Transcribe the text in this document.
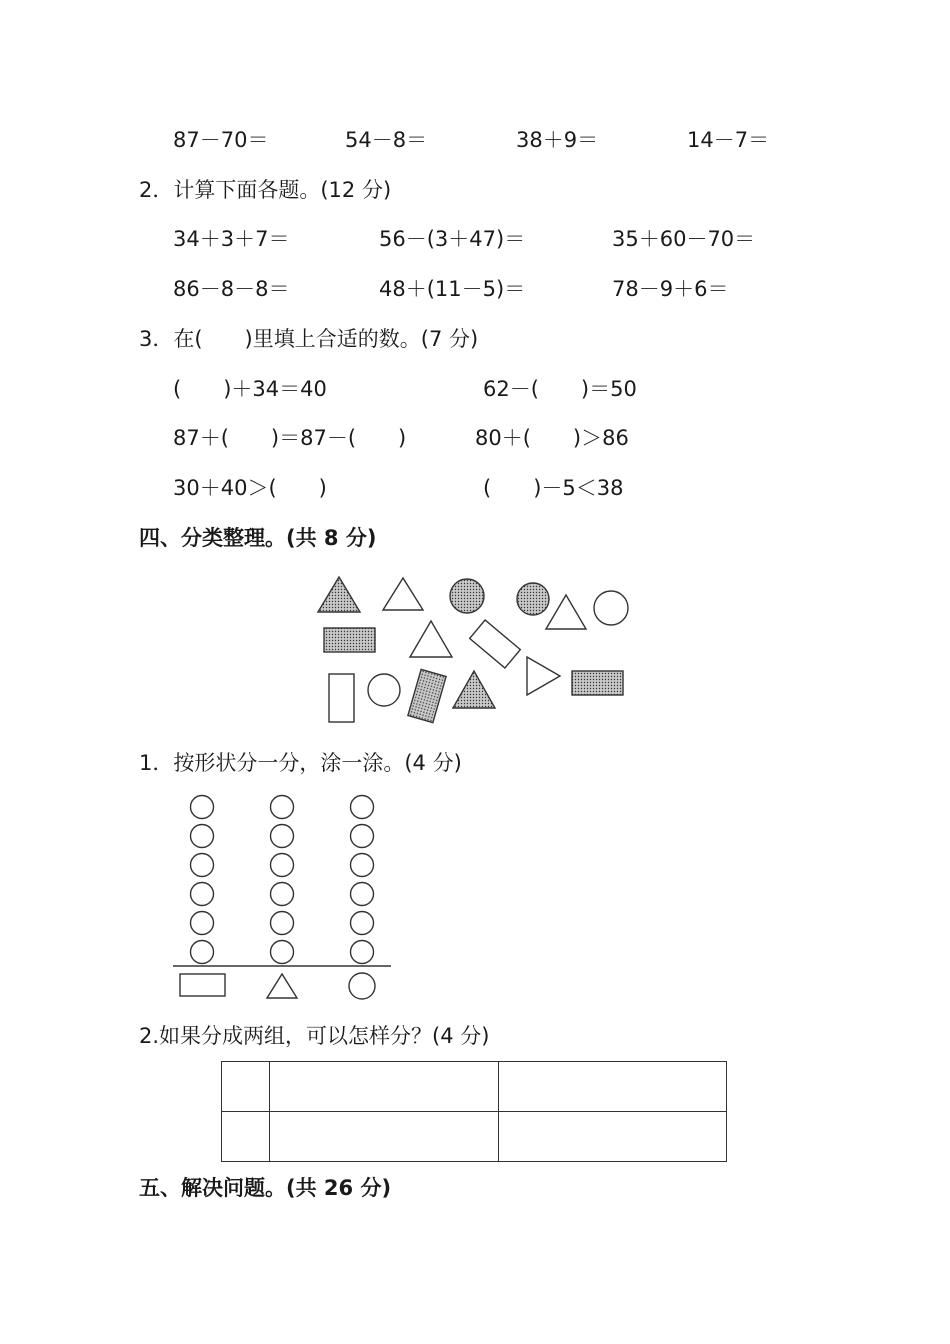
87－70＝	54－8＝	38＋9＝	14－7＝
2．计算下面各题。(12 分)
34＋3＋7＝	56－(3＋47)＝	35＋60－70＝
86－8－8＝	48＋(11－5)＝	78－9＋6＝
3．在(　　)里填上合适的数。(7 分)
(　　)＋34＝40	62－(　　)＝50
87＋(　　)＝87－(　　)	80＋(　　)＞86
30＋40＞(　　)	(　　)－5＜38
四、分类整理。(共 8 分)
1．按形状分一分，涂一涂。(4 分)
2.如果分成两组，可以怎样分？(4 分)

五、解决问题。(共 26 分)
